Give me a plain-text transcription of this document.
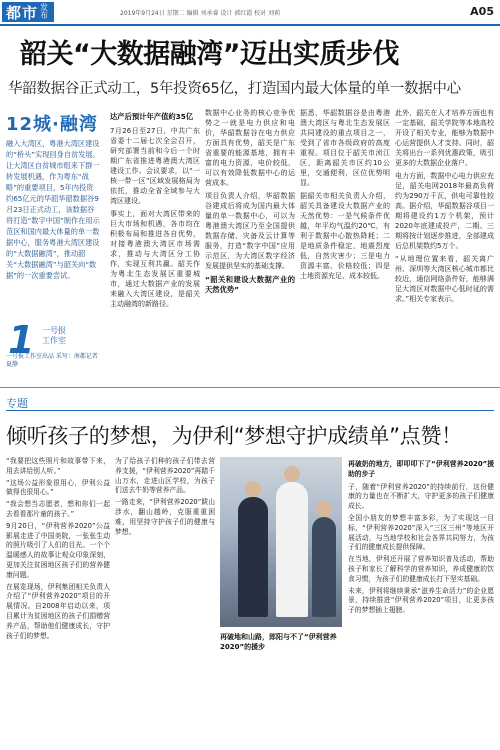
都市 发布	2019年9月24日 星期二 编辑 刘承睿 设计 郭红霞 校对 刘莉	A05
韶关“大数据融湾”迈出实质步伐
华韶数据谷正式动工，5年投资65亿，打造国内最大体量的单一数据中心
12城·融湾
融入大湾区，粤港大湾区建设的“桥头”实现回身自贫发展。让大湾区自贫城市组来下群一转发展机遇，作为粤东“战略”的重要项目，5年内投资约65亿元的华韶华韶数据谷9月23日正式动工，该数据谷将打造“数字中国”制作在用示范区和国内最大体量的单一数据中心，服务粤港大湾区建设的“大数据融湾”，推动韶关“大数据融湾”与韶关向“数据”的一次重要尝试。
1 一号报
工作室
一号报工作室出品 采写：南都记者 夏静
达产后預计年产值約35亿

7月26日至27日，中共广东省委十二届七次全会召开，研究部署当前和今后一个时期广东省推进粤港澳大湾区建设工作。会议要求，以“一核一带一区”区域发展格局为依托，推动全省全域参与大湾区建设。

事实上，面对大湾区带来的巨大市场和机遇，各市均在积极布局和推进各自优势，对接粤港澳大湾区市场需求，推动与大湾区分工协作，实现互利共赢。韶关作为粤北生态发展区重要城市，通过大数据产业的发展来融入大湾区建设，是韶关主动融湾的新路径。

数据中心业务的核心竞争优势之一就是电力供应和电价，华韶数据谷在电力供应方面具有优势，韶关是广东省重要的能源基地，拥有丰富的电力资源，电价较低，可以有效降低数据中心的运营成本。

项目负责人介绍，华韶数据谷建成后将成为国内最大体量的单一数据中心，可以为粤港澳大湾区乃至全国提供数据存储、灾备及云计算等服务，打造“数字中国”应用示范区，为大湾区数字经济发展提供坚实的基础支撑。

“韶关和建设大数据产业的天然优势”

据悉，华韶数据谷是由粤港澳大湾区与粤北生态发展区共同建设的重点项目之一，受到了省市各级政府的高度重视。项目位于韶关市浈江区，距离韶关市区约10公里，交通便利，区位优势明显。

据韶关市相关负责人介绍，韶关具备建设大数据产业的天然优势：一是气候条件优越，年平均气温约20℃，有利于数据中心散热降耗；二是地质条件稳定，地震烈度低，自然灾害少；三是电力资源丰富、价格较低；四是土地资源充足、成本较低。

此外，韶关在人才培养方面也有一定基础，韶关学院等本地高校开设了相关专业，能够为数据中心运营提供人才支持。同时，韶关将出台一系列优惠政策，吸引更多的大数据企业落户。

电力方面，数据中心电力供应充足，韶关电网2018年最高负荷约为290万千瓦，供电可靠性较高。据介绍，华韶数据谷项目一期将建设约1万个机架，预计2020年底建成投产，二期、三期将按计划逐步推进，全部建成后总机架数约5万个。

“从地理位置来看，韶关离广州、深圳等大湾区核心城市都比较近，通信网络条件好，能够满足大湾区对数据中心低时延的需求。”相关专家表示。

专题
倾听孩子的梦想，为伊利“梦想守护成绩单”点赞！

“我要把这些照片和故事带下来，用去讲给别人听。”

“这场公益形象很用心，伊利公益做得也很用心。”

“我会想当志愿者，想和你们一起去看看那片童的孩子。”

9月20日，“伊利营养2020”公益影展走进了中国美院，一张张生动的照片吸引了人们的目光。一个个温暖感人的故事让观众印象深刻，更加关注贫困地区孩子们的营养健康问题。

在展览现场，伊利集团相关负责人介绍了“伊利营养2020”项目的开展情况。自2008年启动以来，项目累计为贫困地区的孩子们捐赠营养产品，帮助他们健康成长，守护孩子们的梦想。	再破地和山路，郎阳与不了“伊利营养2020”的援步

为了给孩子们种的孩子们带去营养支援，“伊利营养2020”再踏千山万水，走进山区学校，为孩子们送去牛奶等营养产品。

一路走来，“伊利营养2020”跋山涉水，翻山越岭，克服重重困难，用坚持守护孩子们的健康与梦想。

再破奶的地方，即叩叩下了“伊利营养2020”援助的步子

子，随着“伊利营养2020”的持续前行，这份健康的力量也在不断扩大，守护更多的孩子们健康成长。

全国小朋友的梦想丰富多彩，为了实现这一目标，“伊利营养2020”深入“三区三州”等地区开展活动，与当地学校和社会各界共同努力，为孩子们的健康成长提供保障。

在当地，伊利还开展了营养知识普及活动，帮助孩子和家长了解科学的营养知识，养成健康的饮食习惯，为孩子们的健康成长打下坚实基础。

未来，伊利将继续秉承“滋养生命活力”的企业愿景，持续推进“伊利营养2020”项目，让更多孩子的梦想插上翅膀。
